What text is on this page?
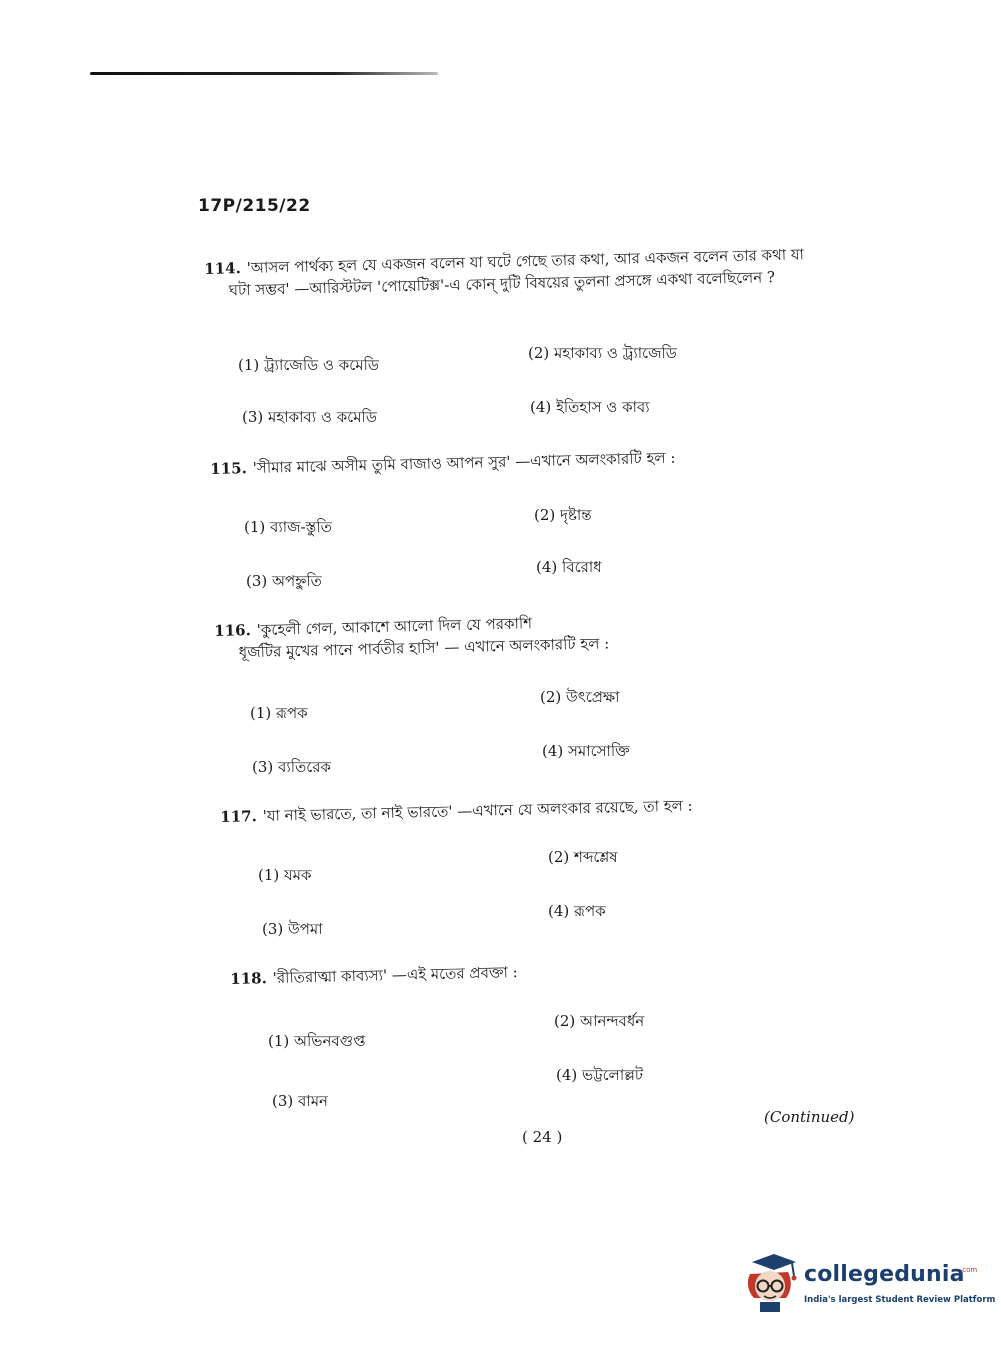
17P/215/22
114. 'আসল পার্থক্য হল যে একজন বলেন যা ঘটে গেছে তার কথা, আর একজন বলেন তার কথা যা
ঘটা সম্ভব' —আরিস্টটল 'পোয়েটিক্স'-এ কোন্ দুটি বিষয়ের তুলনা প্রসঙ্গে একথা বলেছিলেন ?
(1) ট্র্যাজেডি ও কমেডি
(2) মহাকাব্য ও ট্র্যাজেডি
(3) মহাকাব্য ও কমেডি
(4) ইতিহাস ও কাব্য
115. 'সীমার মাঝে অসীম তুমি বাজাও আপন সুর' —এখানে অলংকারটি হল :
(1) ব্যাজ-স্তুতি
(2) দৃষ্টান্ত
(3) অপহ্নুতি
(4) বিরোধ
116. 'কুহেলী গেল, আকাশে আলো দিল যে পরকাশি
ধূর্জটির মুখের পানে পার্বতীর হাসি' — এখানে অলংকারটি হল :
(1) রূপক
(2) উৎপ্রেক্ষা
(3) ব্যতিরেক
(4) সমাসোক্তি
117. 'যা নাই ভারতে, তা নাই ভারতে' —এখানে যে অলংকার রয়েছে, তা হল :
(1) যমক
(2) শব্দশ্লেষ
(3) উপমা
(4) রূপক
118. 'রীতিরাত্মা কাব্যস্য' —এই মতের প্রবক্তা :
(1) অভিনবগুপ্ত
(2) আনন্দবর্ধন
(3) বামন
(4) ভট্টলোল্লট
(Continued)
( 24 )
collegedunia
.com
India's largest Student Review Platform
